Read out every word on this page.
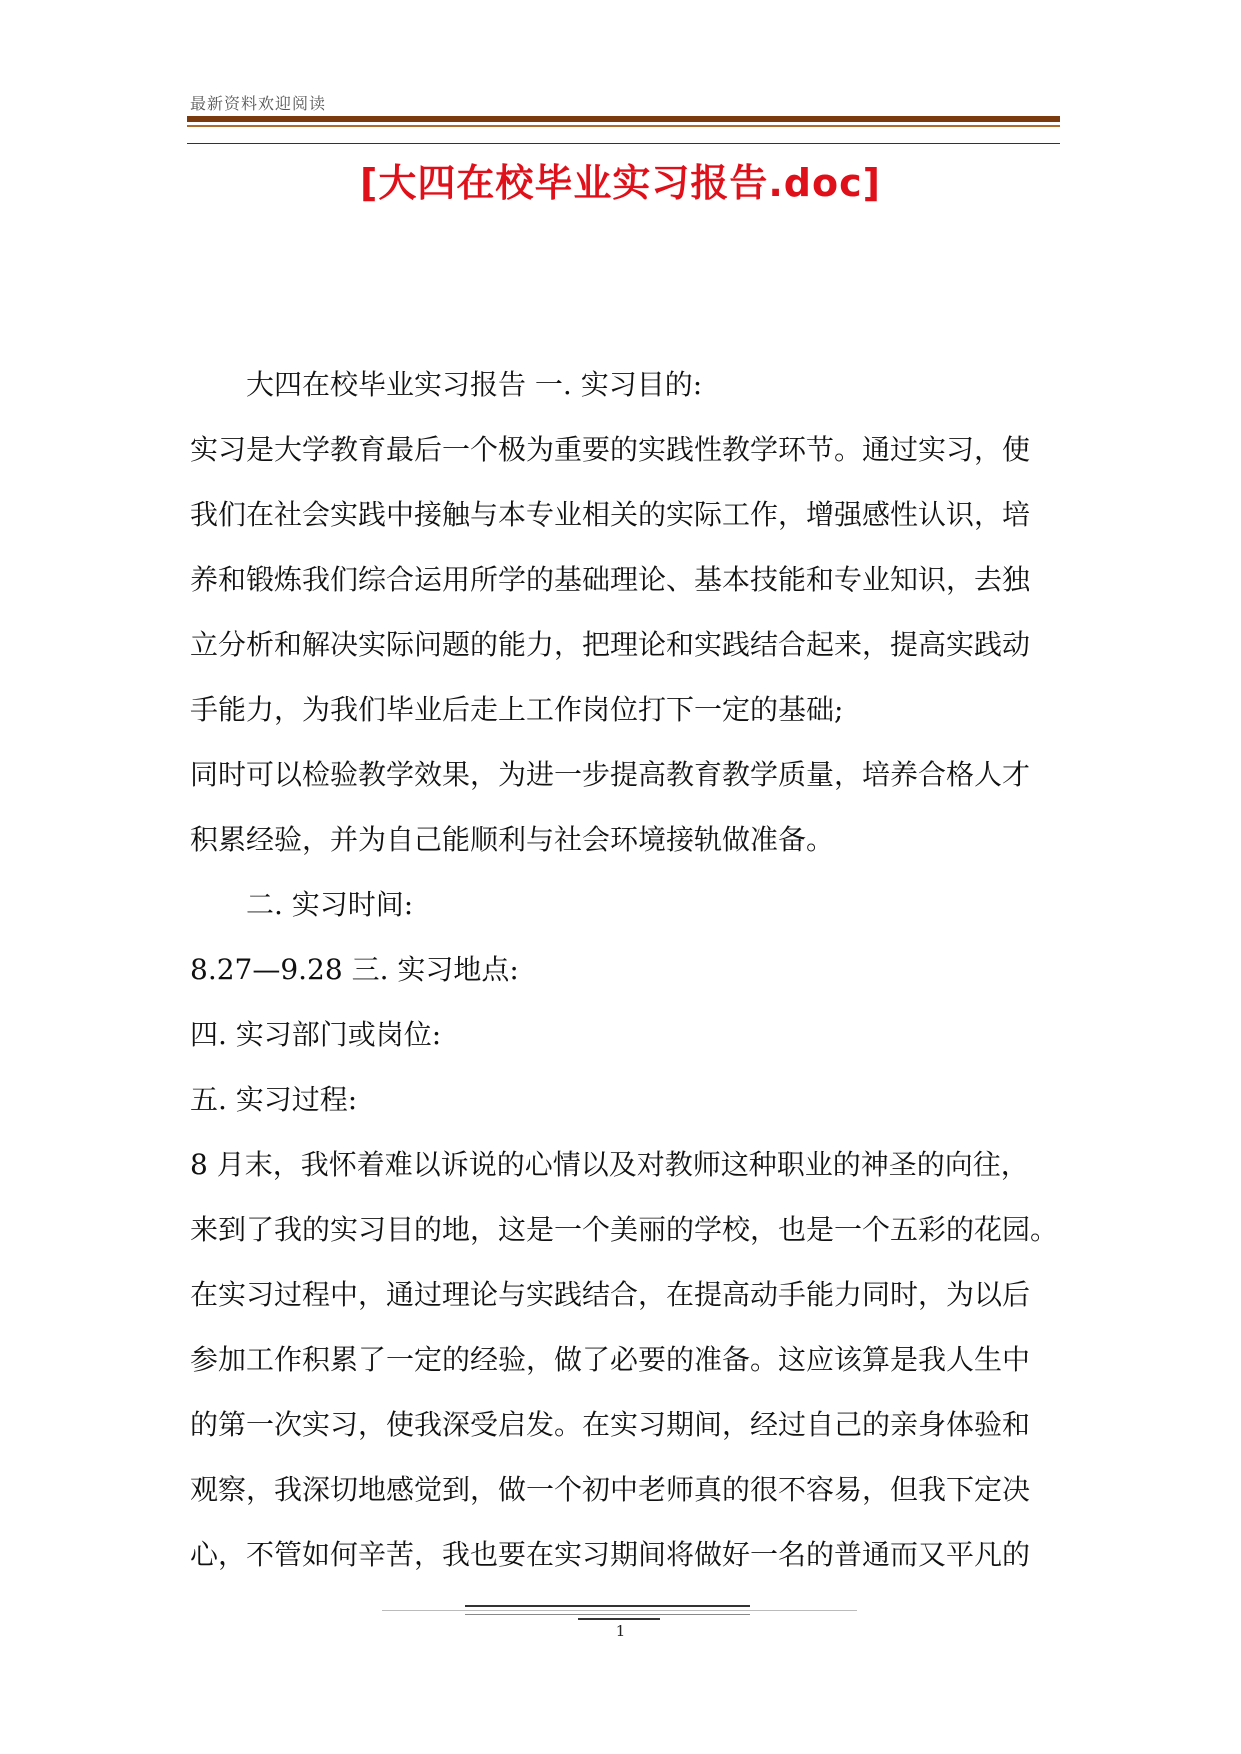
最新资料欢迎阅读
[大四在校毕业实习报告.doc]
大四在校毕业实习报告 一. 实习目的:
实习是大学教育最后一个极为重要的实践性教学环节。通过实习，使
我们在社会实践中接触与本专业相关的实际工作，增强感性认识，培
养和锻炼我们综合运用所学的基础理论、基本技能和专业知识，去独
立分析和解决实际问题的能力，把理论和实践结合起来，提高实践动
手能力，为我们毕业后走上工作岗位打下一定的基础;
同时可以检验教学效果，为进一步提高教育教学质量，培养合格人才
积累经验，并为自己能顺利与社会环境接轨做准备。
二. 实习时间:
8.27—9.28 三. 实习地点:
四. 实习部门或岗位:
五. 实习过程:
8 月末，我怀着难以诉说的心情以及对教师这种职业的神圣的向往，
来到了我的实习目的地，这是一个美丽的学校，也是一个五彩的花园。
在实习过程中，通过理论与实践结合，在提高动手能力同时，为以后
参加工作积累了一定的经验，做了必要的准备。这应该算是我人生中
的第一次实习，使我深受启发。在实习期间，经过自己的亲身体验和
观察，我深切地感觉到，做一个初中老师真的很不容易，但我下定决
心，不管如何辛苦，我也要在实习期间将做好一名的普通而又平凡的
1
